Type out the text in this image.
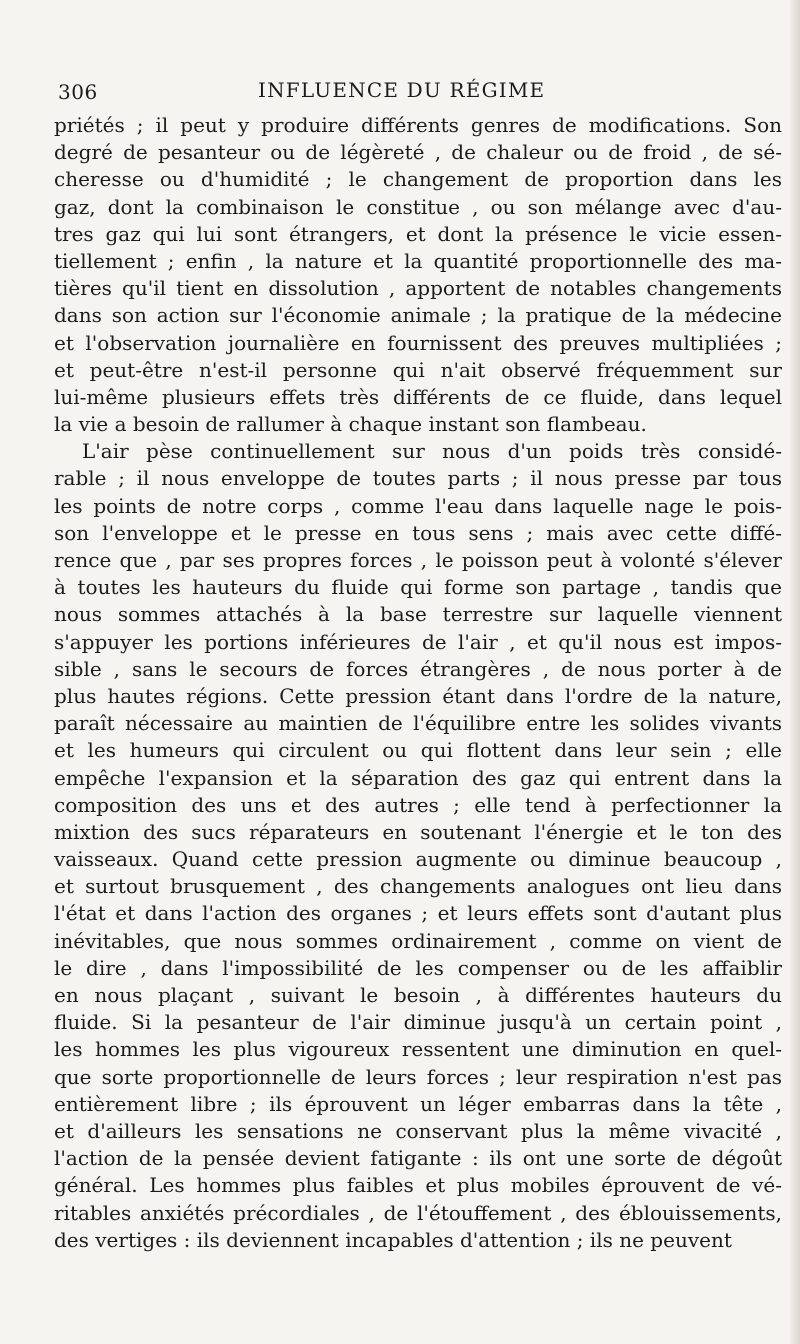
306	INFLUENCE DU RÉGIME
priétés ; il peut y produire différents genres de modifications. Son
degré de pesanteur ou de légèreté , de chaleur ou de froid , de sé-
cheresse ou d'humidité ; le changement de proportion dans les
gaz, dont la combinaison le constitue , ou son mélange avec d'au-
tres gaz qui lui sont étrangers, et dont la présence le vicie essen-
tiellement ; enfin , la nature et la quantité proportionnelle des ma-
tières qu'il tient en dissolution , apportent de notables changements
dans son action sur l'économie animale ; la pratique de la médecine
et l'observation journalière en fournissent des preuves multipliées ;
et peut-être n'est-il personne qui n'ait observé fréquemment sur
lui-même plusieurs effets très différents de ce fluide, dans lequel
la vie a besoin de rallumer à chaque instant son flambeau.
L'air pèse continuellement sur nous d'un poids très considé-
rable ; il nous enveloppe de toutes parts ; il nous presse par tous
les points de notre corps , comme l'eau dans laquelle nage le pois-
son l'enveloppe et le presse en tous sens ; mais avec cette diffé-
rence que , par ses propres forces , le poisson peut à volonté s'élever
à toutes les hauteurs du fluide qui forme son partage , tandis que
nous sommes attachés à la base terrestre sur laquelle viennent
s'appuyer les portions inférieures de l'air , et qu'il nous est impos-
sible , sans le secours de forces étrangères , de nous porter à de
plus hautes régions. Cette pression étant dans l'ordre de la nature,
paraît nécessaire au maintien de l'équilibre entre les solides vivants
et les humeurs qui circulent ou qui flottent dans leur sein ; elle
empêche l'expansion et la séparation des gaz qui entrent dans la
composition des uns et des autres ; elle tend à perfectionner la
mixtion des sucs réparateurs en soutenant l'énergie et le ton des
vaisseaux. Quand cette pression augmente ou diminue beaucoup ,
et surtout brusquement , des changements analogues ont lieu dans
l'état et dans l'action des organes ; et leurs effets sont d'autant plus
inévitables, que nous sommes ordinairement , comme on vient de
le dire , dans l'impossibilité de les compenser ou de les affaiblir
en nous plaçant , suivant le besoin , à différentes hauteurs du
fluide. Si la pesanteur de l'air diminue jusqu'à un certain point ,
les hommes les plus vigoureux ressentent une diminution en quel-
que sorte proportionnelle de leurs forces ; leur respiration n'est pas
entièrement libre ; ils éprouvent un léger embarras dans la tête ,
et d'ailleurs les sensations ne conservant plus la même vivacité ,
l'action de la pensée devient fatigante : ils ont une sorte de dégoût
général. Les hommes plus faibles et plus mobiles éprouvent de vé-
ritables anxiétés précordiales , de l'étouffement , des éblouissements,
des vertiges : ils deviennent incapables d'attention ; ils ne peuvent
